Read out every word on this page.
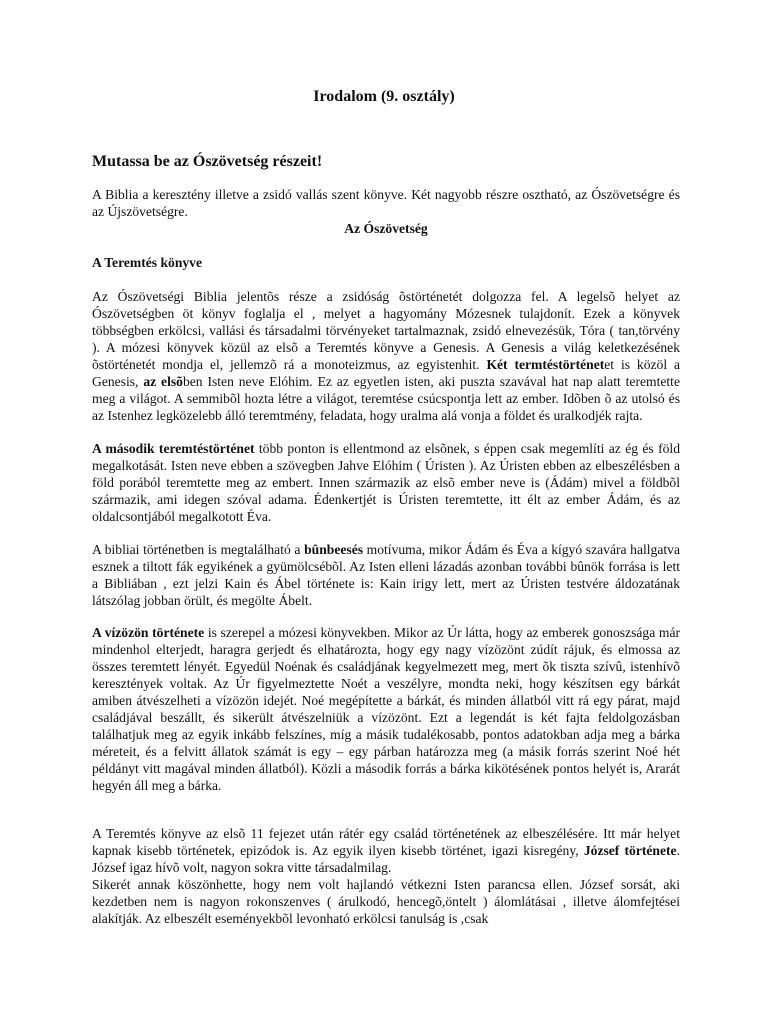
Irodalom (9. osztály)
Mutassa be az Ószövetség részeit!

A Biblia a keresztény illetve a zsidó vallás szent könyve. Két nagyobb részre osztható, az Ószövetségre és az Újszövetségre.

Az Ószövetség

A Teremtés könyve

Az Ószövetségi Biblia jelentõs része a zsidóság õstörténetét dolgozza fel. A legelsõ helyet az Ószövetségben öt könyv foglalja el , melyet a hagyomány Mózesnek tulajdonít. Ezek a könyvek többségben erkölcsi, vallási és társadalmi törvényeket tartalmaznak, zsidó elnevezésük, Tóra ( tan,törvény ). A mózesi könyvek közül az elsõ a Teremtés könyve a Genesis. A Genesis a világ keletkezésének õstörténetét mondja el, jellemzõ rá a monoteizmus, az egyistenhit. Két termtéstörténetet is közöl a Genesis, az elsõben Isten neve Elóhim. Ez az egyetlen isten, aki puszta szavával hat nap alatt teremtette meg a világot. A semmibõl hozta létre a világot, teremtése csúcspontja lett az ember. Idõben õ az utolsó és az Istenhez legközelebb álló teremtmény, feladata, hogy uralma alá vonja a földet és uralkodjék rajta.

A második teremtéstörténet több ponton is ellentmond az elsõnek, s éppen csak megemlíti az ég és föld megalkotását. Isten neve ebben a szövegben Jahve Elóhim ( Úristen ). Az Úristen ebben az elbeszélésben a föld porából teremtette meg az embert. Innen származik az elsõ ember neve is (Ádám) mivel a földbõl származik, ami idegen szóval adama. Édenkertjét is Úristen teremtette, itt élt az ember Ádám, és az oldalcsontjából megalkotott Éva.

A bibliai történetben is megtalálható a bûnbeesés motívuma, mikor Ádám és Éva a kígyó szavára hallgatva esznek a tiltott fák egyikének a gyümölcsébõl. Az Isten elleni lázadás azonban további bûnök forrása is lett a Bibliában , ezt jelzi Kain és Ábel története is: Kain irigy lett, mert az Úristen testvére áldozatának látszólag jobban örült, és megölte Ábelt.

A vízözön története is szerepel a mózesi könyvekben. Mikor az Úr látta, hogy az emberek gonoszsága már mindenhol elterjedt, haragra gerjedt és elhatározta, hogy egy nagy vízözönt zúdít rájuk, és elmossa az összes teremtett lényét. Egyedül Noénak és családjának kegyelmezett meg, mert õk tiszta szívû, istenhívõ keresztények voltak. Az Úr figyelmeztette Noét a veszélyre, mondta neki, hogy készítsen egy bárkát amiben átvészelheti a vízözön idejét. Noé megépítette a bárkát, és minden állatból vitt rá egy párat, majd családjával beszállt, és sikerült átvészelniük a vízözönt. Ezt a legendát is két fajta feldolgozásban találhatjuk meg az egyik inkább felszínes, míg a másik tudalékosabb, pontos adatokban adja meg a bárka méreteit, és a felvitt állatok számát is egy – egy párban határozza meg (a másik forrás szerint Noé hét példányt vitt magával minden állatból). Közli a második forrás a bárka kikötésének pontos helyét is, Ararát hegyén áll meg a bárka.

A Teremtés könyve az elsõ 11 fejezet után rátér egy család történetének az elbeszélésére. Itt már helyet kapnak kisebb történetek, epizódok is. Az egyik ilyen kisebb történet, igazi kisregény, József története. József igaz hívõ volt, nagyon sokra vitte társadalmilag.

Sikerét annak köszönhette, hogy nem volt hajlandó vétkezni Isten parancsa ellen. József sorsát, aki kezdetben nem is nagyon rokonszenves ( árulkodó, hencegõ,öntelt ) álomlátásai , illetve álomfejtései alakítják. Az elbeszélt eseményekbõl levonható erkölcsi tanulság is ,csak
